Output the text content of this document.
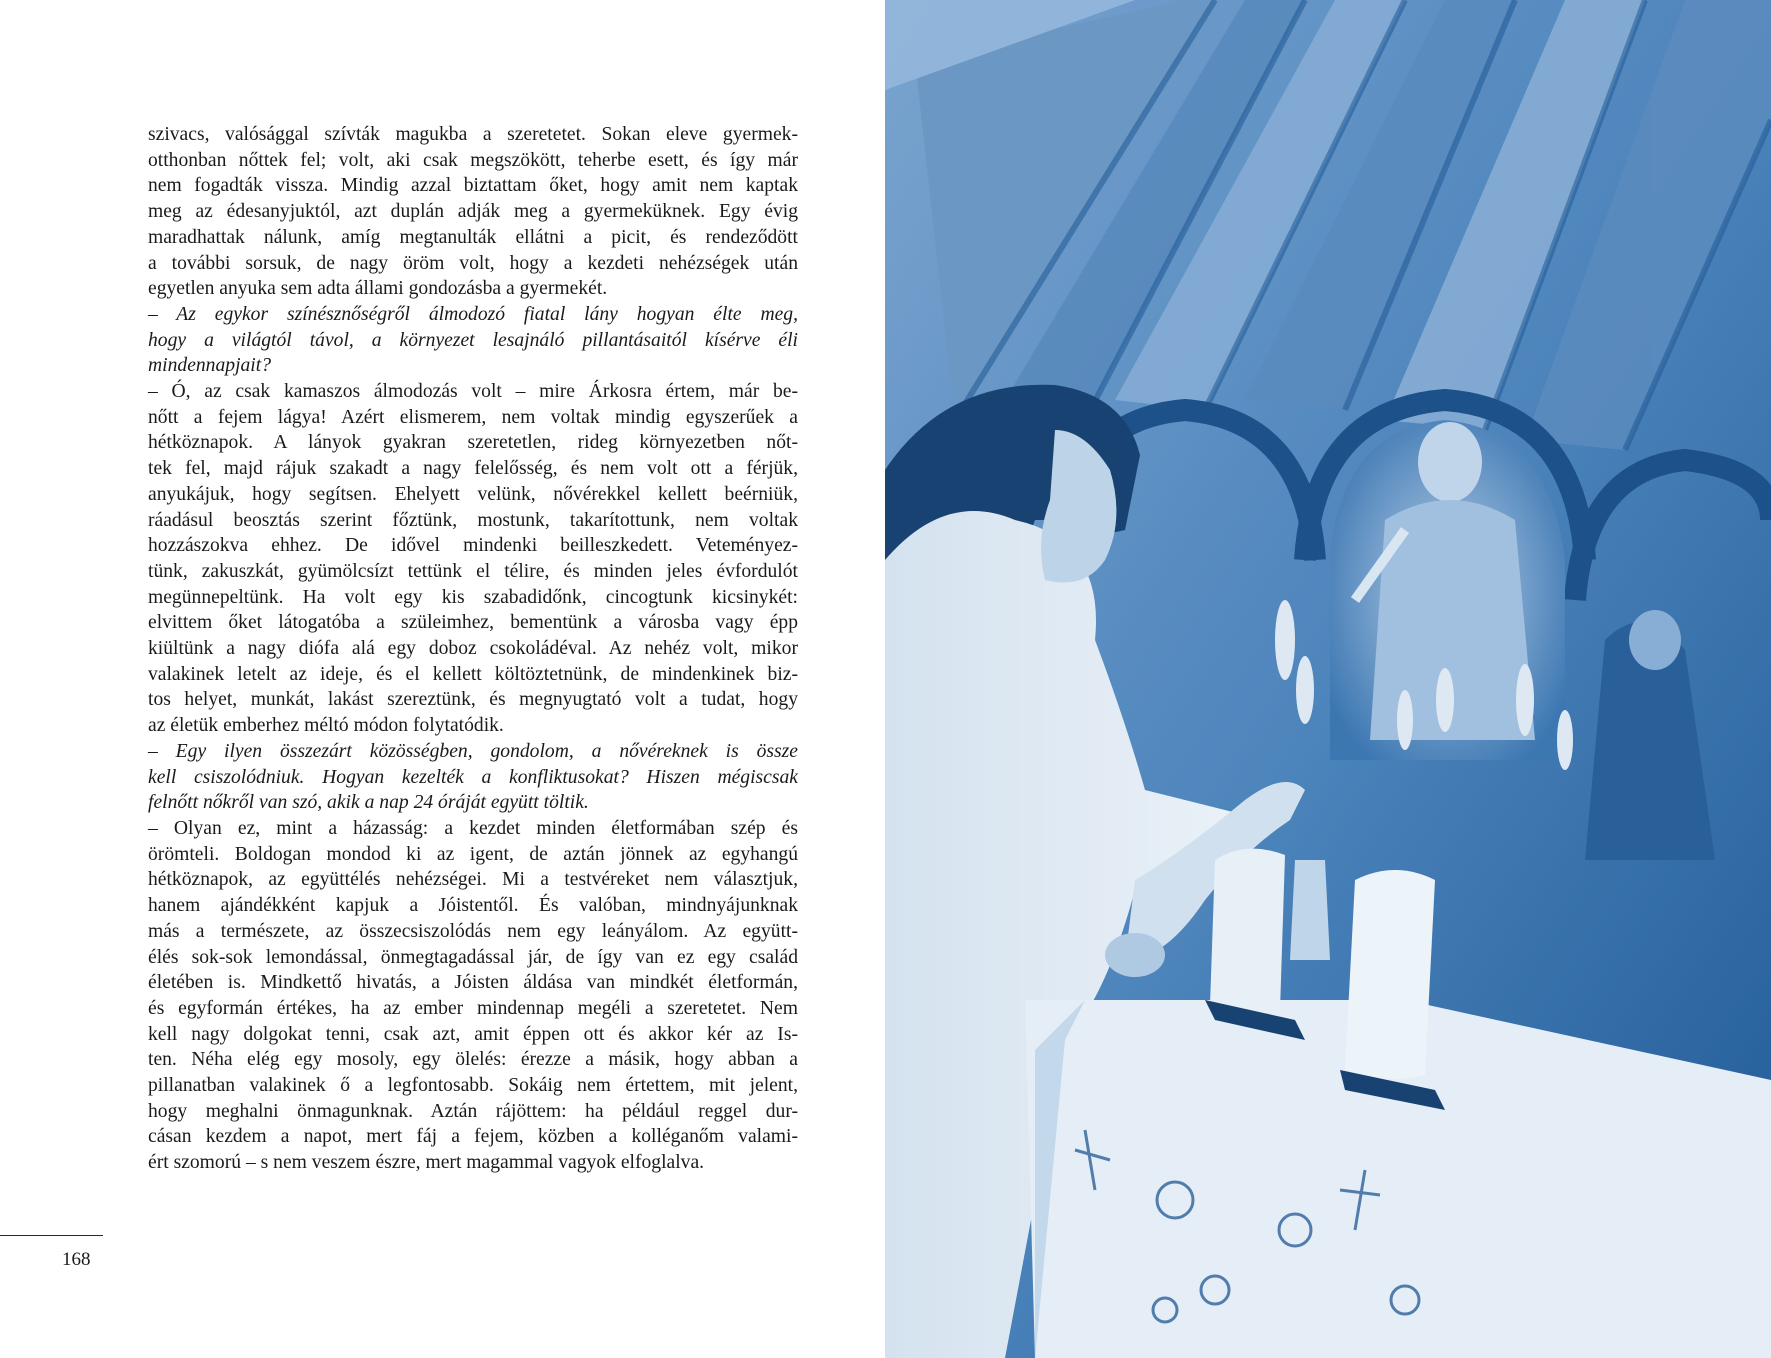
szivacs, valósággal szívták magukba a szeretetet. Sokan eleve gyermek-
otthonban nőttek fel; volt, aki csak megszökött, teherbe esett, és így már
nem fogadták vissza. Mindig azzal biztattam őket, hogy amit nem kaptak
meg az édesanyjuktól, azt duplán adják meg a gyermeküknek. Egy évig
maradhattak nálunk, amíg megtanulták ellátni a picit, és rendeződött
a további sorsuk, de nagy öröm volt, hogy a kezdeti nehézségek után
egyetlen anyuka sem adta állami gondozásba a gyermekét.
– Az egykor színésznőségről álmodozó fiatal lány hogyan élte meg,
hogy a világtól távol, a környezet lesajnáló pillantásaitól kísérve éli
mindennapjait?
– Ó, az csak kamaszos álmodozás volt – mire Árkosra értem, már be-
nőtt a fejem lágya! Azért elismerem, nem voltak mindig egyszerűek a
hétköznapok. A lányok gyakran szeretetlen, rideg környezetben nőt-
tek fel, majd rájuk szakadt a nagy felelősség, és nem volt ott a férjük,
anyukájuk, hogy segítsen. Ehelyett velünk, nővérekkel kellett beérniük,
ráadásul beosztás szerint főztünk, mostunk, takarítottunk, nem voltak
hozzászokva ehhez. De idővel mindenki beilleszkedett. Veteményez-
tünk, zakuszkát, gyümölcsízt tettünk el télire, és minden jeles évfordulót
megünnepeltünk. Ha volt egy kis szabadidőnk, cincogtunk kicsinykét:
elvittem őket látogatóba a szüleimhez, bementünk a városba vagy épp
kiültünk a nagy diófa alá egy doboz csokoládéval. Az nehéz volt, mikor
valakinek letelt az ideje, és el kellett költöztetnünk, de mindenkinek biz-
tos helyet, munkát, lakást szereztünk, és megnyugtató volt a tudat, hogy
az életük emberhez méltó módon folytatódik.
– Egy ilyen összezárt közösségben, gondolom, a nővéreknek is össze
kell csiszolódniuk. Hogyan kezelték a konfliktusokat? Hiszen mégiscsak
felnőtt nőkről van szó, akik a nap 24 óráját együtt töltik.
– Olyan ez, mint a házasság: a kezdet minden életformában szép és
örömteli. Boldogan mondod ki az igent, de aztán jönnek az egyhangú
hétköznapok, az együttélés nehézségei. Mi a testvéreket nem választjuk,
hanem ajándékként kapjuk a Jóistentől. És valóban, mindnyájunknak
más a természete, az összecsiszolódás nem egy leányálom. Az együtt-
élés sok-sok lemondással, önmegtagadással jár, de így van ez egy család
életében is. Mindkettő hivatás, a Jóisten áldása van mindkét életformán,
és egyformán értékes, ha az ember mindennap megéli a szeretetet. Nem
kell nagy dolgokat tenni, csak azt, amit éppen ott és akkor kér az Is-
ten. Néha elég egy mosoly, egy ölelés: érezze a másik, hogy abban a
pillanatban valakinek ő a legfontosabb. Sokáig nem értettem, mit jelent,
hogy meghalni önmagunknak. Aztán rájöttem: ha például reggel dur-
cásan kezdem a napot, mert fáj a fejem, közben a kolléganőm valami-
ért szomorú – s nem veszem észre, mert magammal vagyok elfoglalva.
168
